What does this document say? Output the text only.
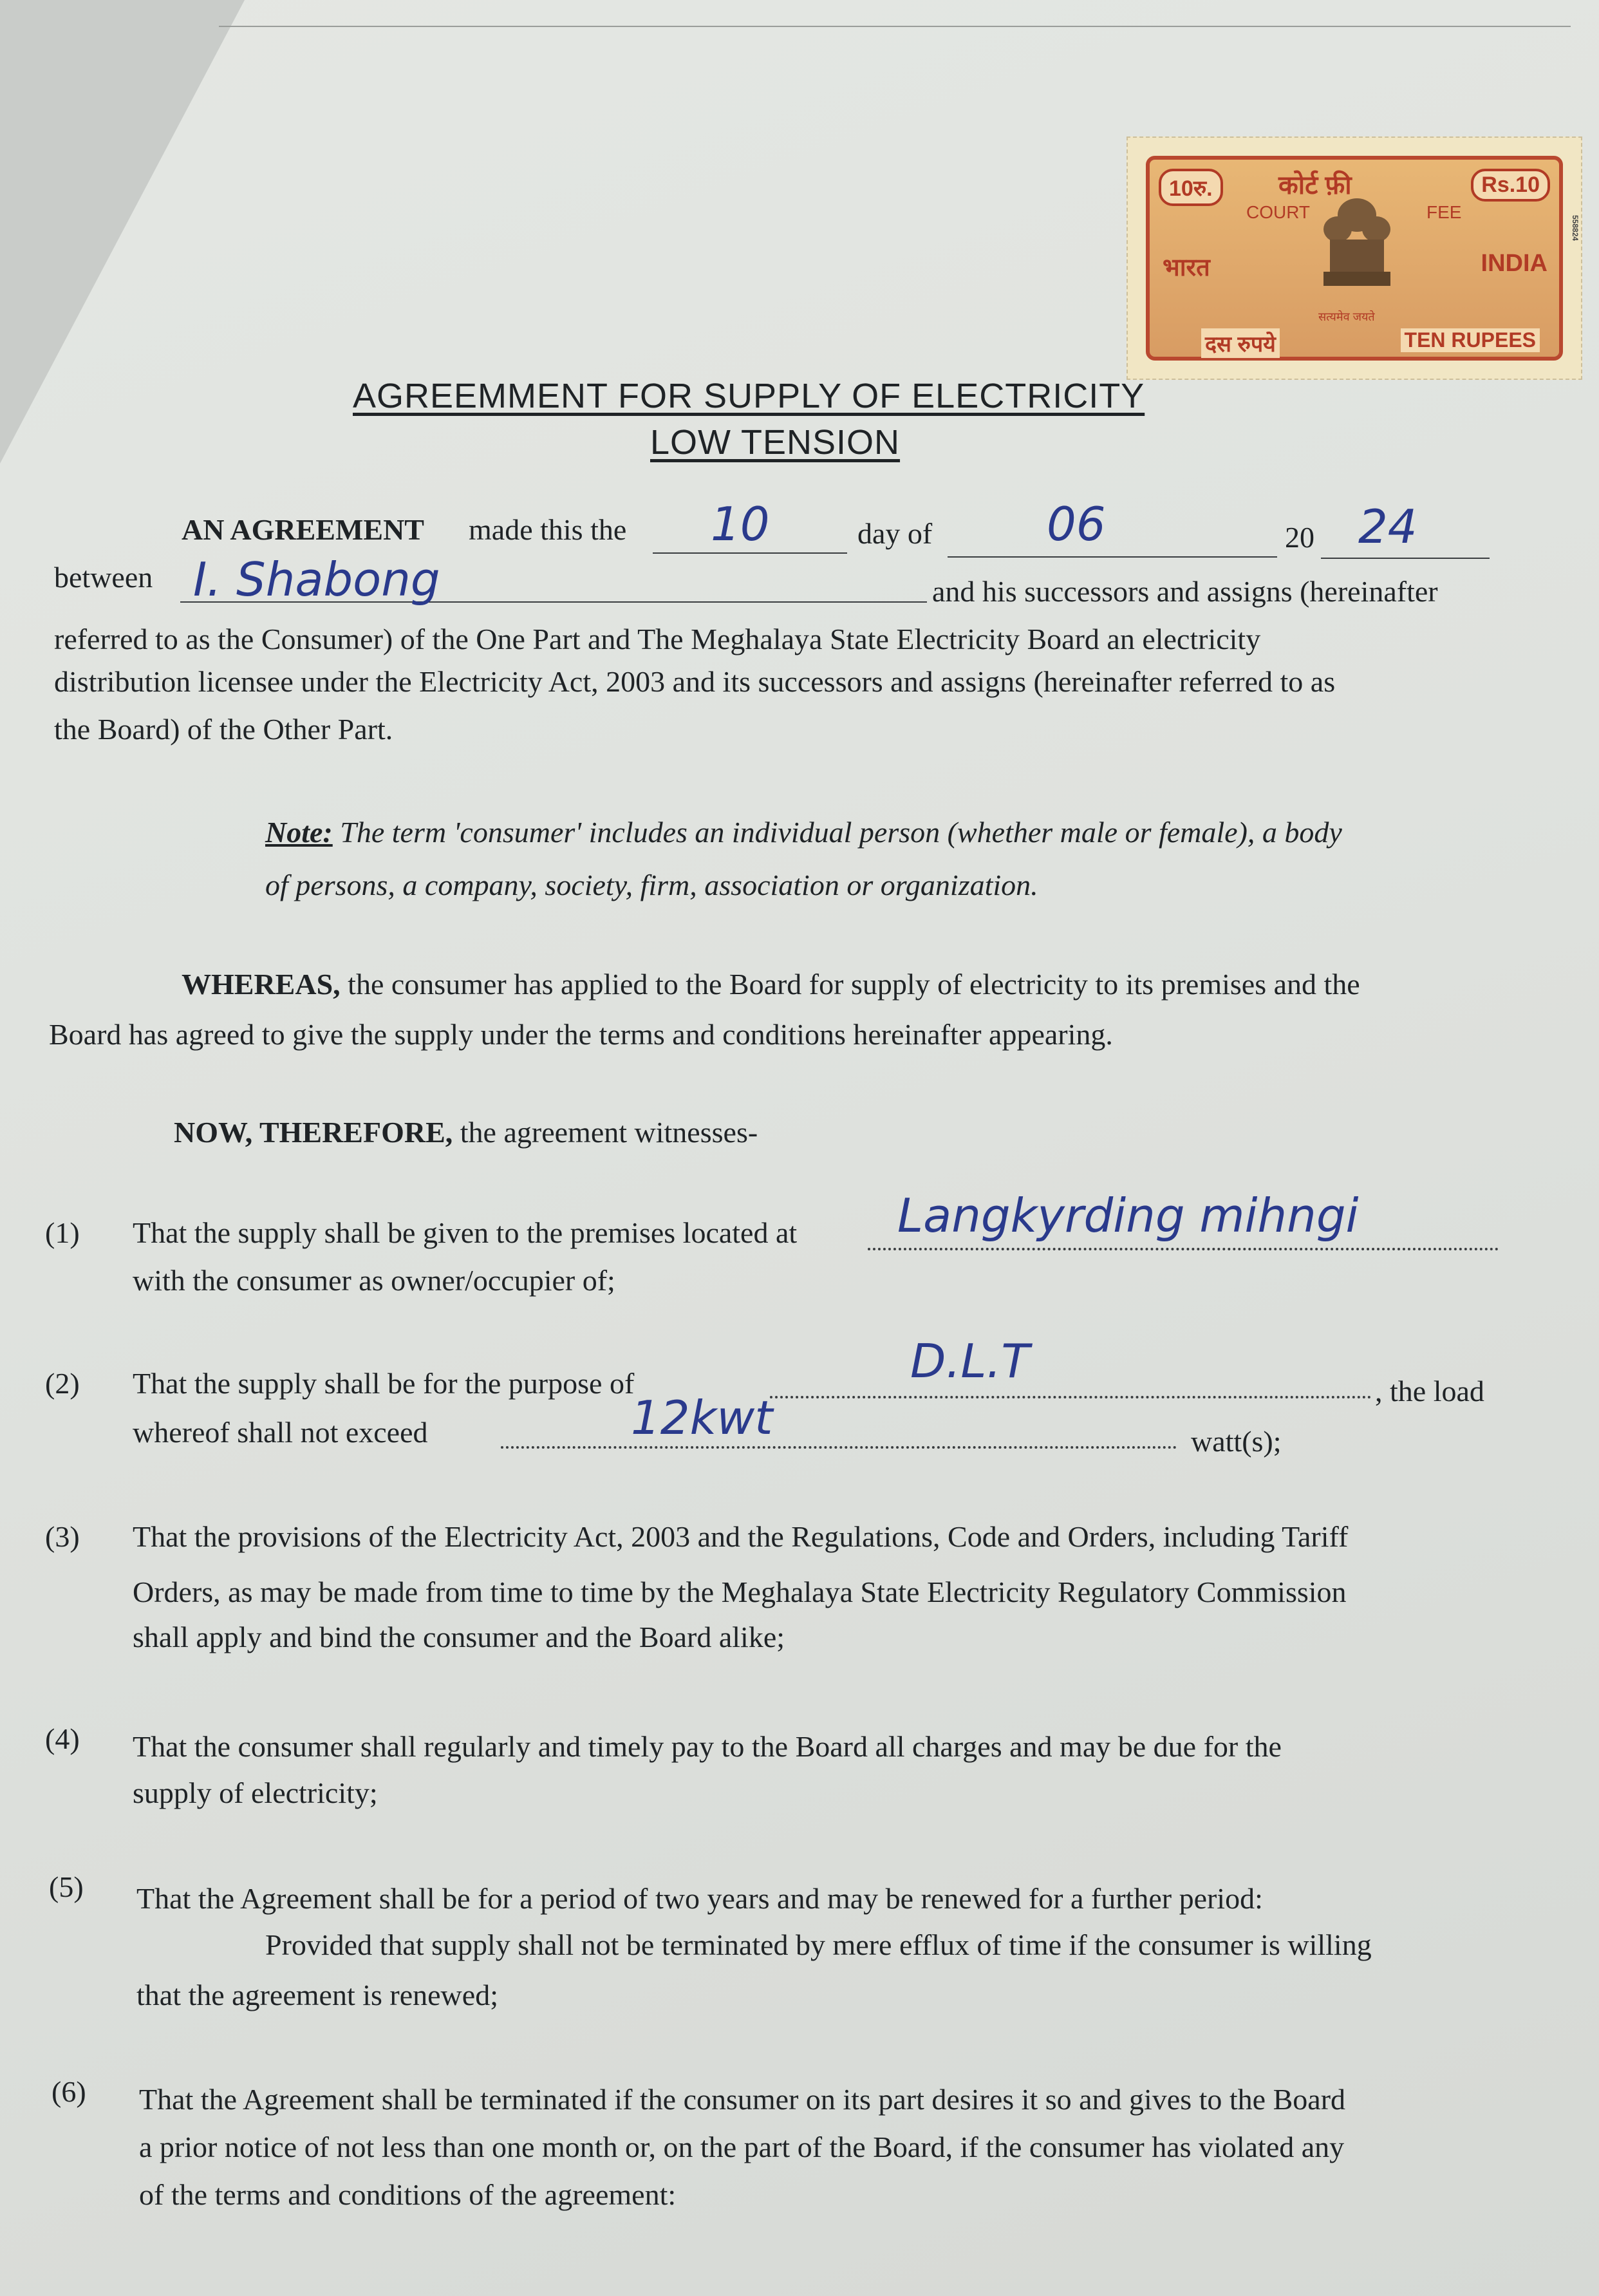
10रु.	कोर्ट फ़ी	Rs.10
COURT	FEE
भारत	INDIA
सत्यमेव जयते
दस रुपये	TEN RUPEES
558824
AGREEMMENT FOR SUPPLY OF ELECTRICITY
LOW TENSION
AN AGREEMENT made this the 10	day of 06	20 24
between I. Shabong	and his successors and assigns (hereinafter
referred to as the Consumer) of the One Part and The Meghalaya State Electricity Board an electricity
distribution licensee under the Electricity Act, 2003 and its successors and assigns (hereinafter referred to as
the Board) of the Other Part.
Note: The term 'consumer' includes an individual person (whether male or female), a body
of persons, a company, society, firm, association or organization.
WHEREAS, the consumer has applied to the Board for supply of electricity to its premises and the
Board has agreed to give the supply under the terms and conditions hereinafter appearing.
NOW, THEREFORE, the agreement witnesses-
(1) That the supply shall be given to the premises located at Langkyrding mihngi
with the consumer as owner/occupier of;
(2) That the supply shall be for the purpose of	D.L.T
, the load
whereof shall not exceed	12kwt	watt(s);
(3) That the provisions of the Electricity Act, 2003 and the Regulations, Code and Orders, including Tariff
Orders, as may be made from time to time by the Meghalaya State Electricity Regulatory Commission
shall apply and bind the consumer and the Board alike;
(4) That the consumer shall regularly and timely pay to the Board all charges and may be due for the
supply of electricity;
(5) That the Agreement shall be for a period of two years and may be renewed for a further period:
Provided that supply shall not be terminated by mere efflux of time if the consumer is willing
that the agreement is renewed;
(6) That the Agreement shall be terminated if the consumer on its part desires it so and gives to the Board
a prior notice of not less than one month or, on the part of the Board, if the consumer has violated any
of the terms and conditions of the agreement:
